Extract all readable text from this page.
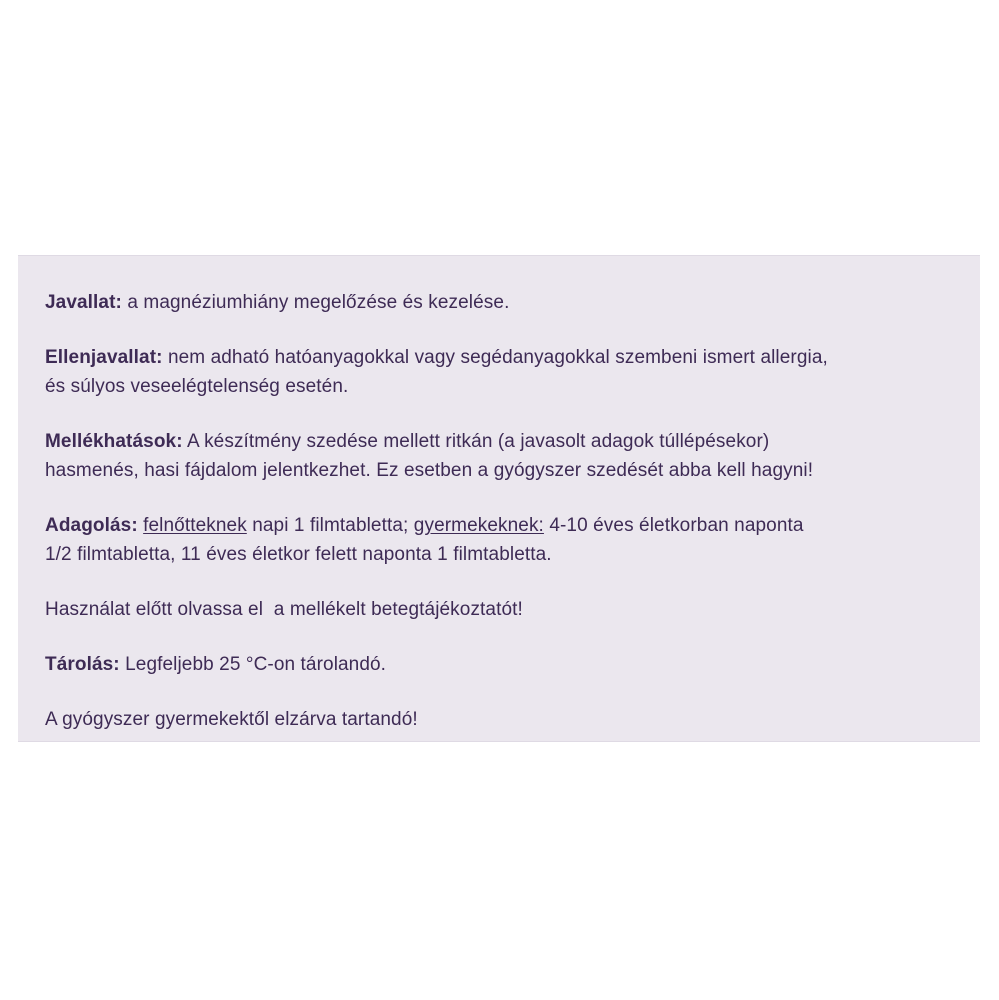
Javallat: a magnéziumhiány megelőzése és kezelése.

Ellenjavallat: nem adható hatóanyagokkal vagy segédanyagokkal szembeni ismert allergia,
és súlyos veseelégtelenség esetén.

Mellékhatások: A készítmény szedése mellett ritkán (a javasolt adagok túllépésekor)
hasmenés, hasi fájdalom jelentkezhet. Ez esetben a gyógyszer szedését abba kell hagyni!

Adagolás: felnőtteknek napi 1 filmtabletta; gyermekeknek: 4-10 éves életkorban naponta
1/2 filmtabletta, 11 éves életkor felett naponta 1 filmtabletta.

Használat előtt olvassa el  a mellékelt betegtájékoztatót!

Tárolás: Legfeljebb 25 °C-on tárolandó.

A gyógyszer gyermekektől elzárva tartandó!
